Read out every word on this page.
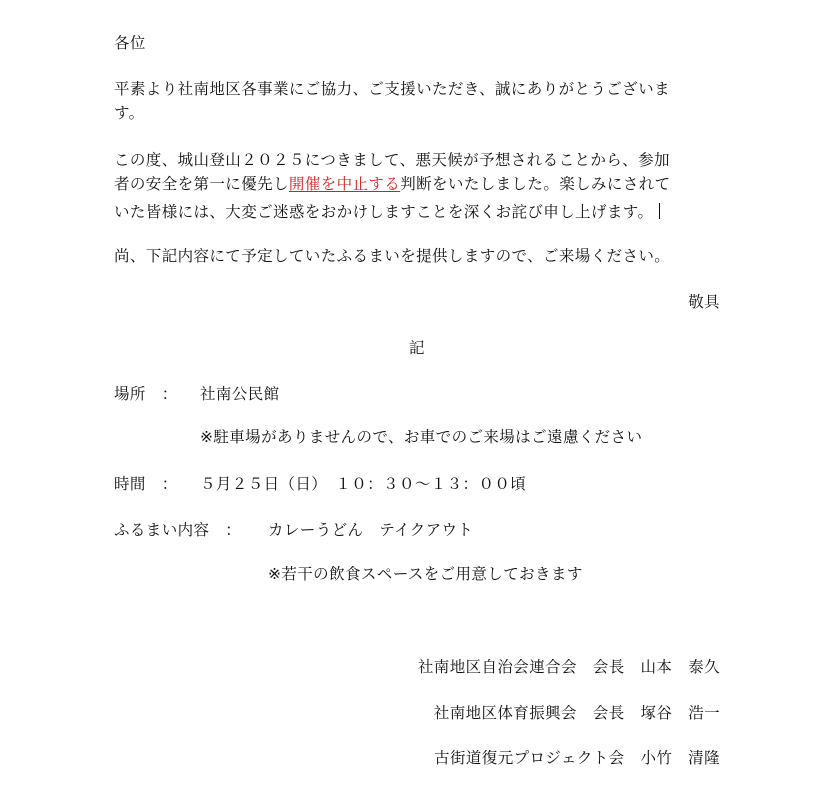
各位
平素より社南地区各事業にご協力、ご支援いただき、誠にありがとうございま
す。
この度、城山登山２０２５につきまして、悪天候が予想されることから、参加
者の安全を第一に優先し開催を中止する判断をいたしました。楽しみにされて
いた皆様には、大変ご迷惑をおかけしますことを深くお詫び申し上げます。
尚、下記内容にて予定していたふるまいを提供しますので、ご来場ください。
敬具
記
場所　： 社南公民館
※駐車場がありませんので、お車でのご来場はご遠慮ください
時間　： ５月２５日（日）　１０：３０～１３：００頃
ふるまい内容　： カレーうどん　テイクアウト
※若干の飲食スペースをご用意しておきます
社南地区自治会連合会　会長　山本　泰久
社南地区体育振興会　会長　塚谷　浩一
古街道復元プロジェクト会　小竹　清隆
